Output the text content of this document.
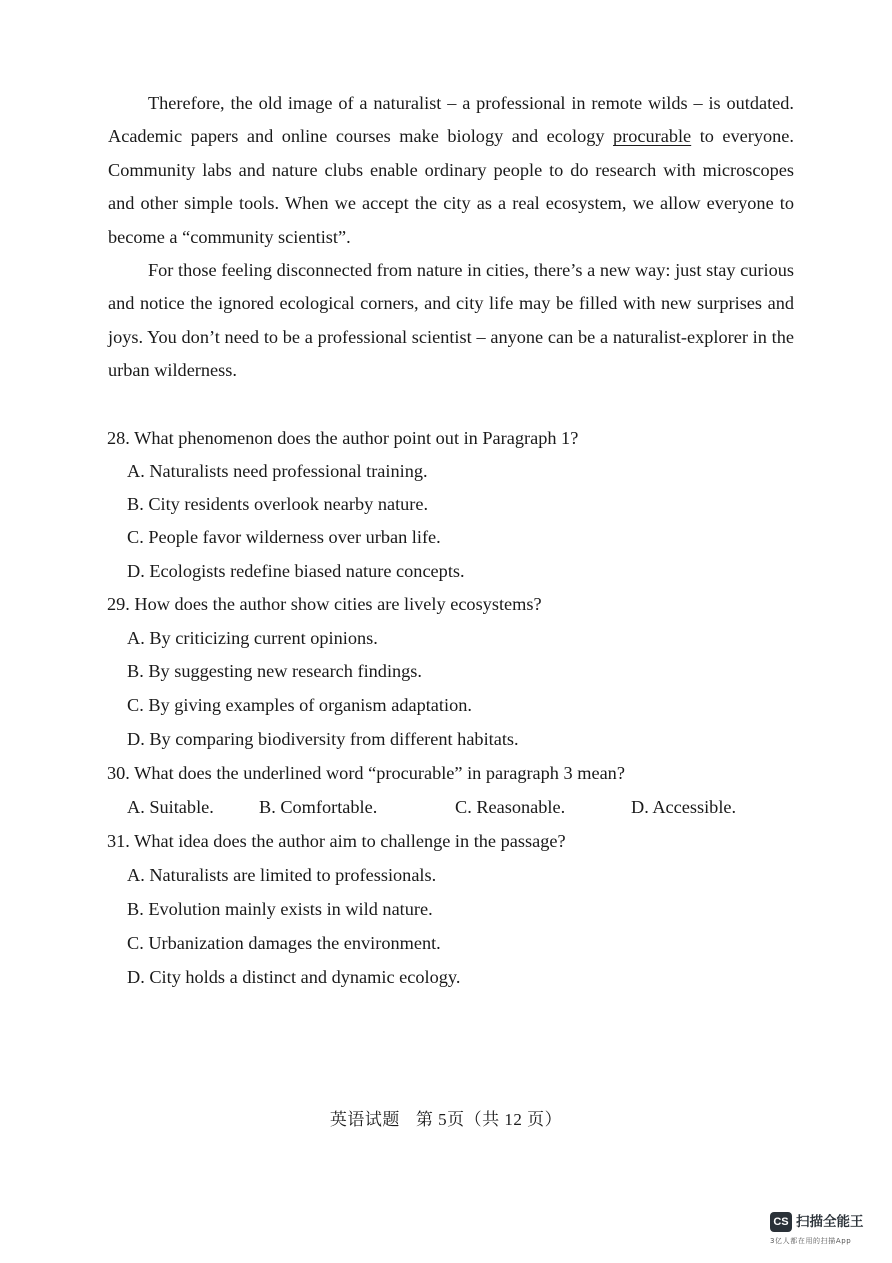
Therefore, the old image of a naturalist – a professional in remote wilds – is outdated. Academic papers and online courses make biology and ecology procurable to everyone. Community labs and nature clubs enable ordinary people to do research with microscopes and other simple tools. When we accept the city as a real ecosystem, we allow everyone to become a “community scientist”.

For those feeling disconnected from nature in cities, there’s a new way: just stay curious and notice the ignored ecological corners, and city life may be filled with new surprises and joys. You don’t need to be a professional scientist – anyone can be a naturalist-explorer in the urban wilderness.

28. What phenomenon does the author point out in Paragraph 1?
A. Naturalists need professional training.
B. City residents overlook nearby nature.
C. People favor wilderness over urban life.
D. Ecologists redefine biased nature concepts.
29. How does the author show cities are lively ecosystems?
A. By criticizing current opinions.
B. By suggesting new research findings.
C. By giving examples of organism adaptation.
D. By comparing biodiversity from different habitats.
30. What does the underlined word “procurable” in paragraph 3 mean?
A. Suitable. B. Comfortable.	C. Reasonable.	D. Accessible.
31. What idea does the author aim to challenge in the passage?
A. Naturalists are limited to professionals.
B. Evolution mainly exists in wild nature.
C. Urbanization damages the environment.
D. City holds a distinct and dynamic ecology.
英语试题 第 5页（共 12 页）
CS 扫描全能王
3亿人都在用的扫描App
